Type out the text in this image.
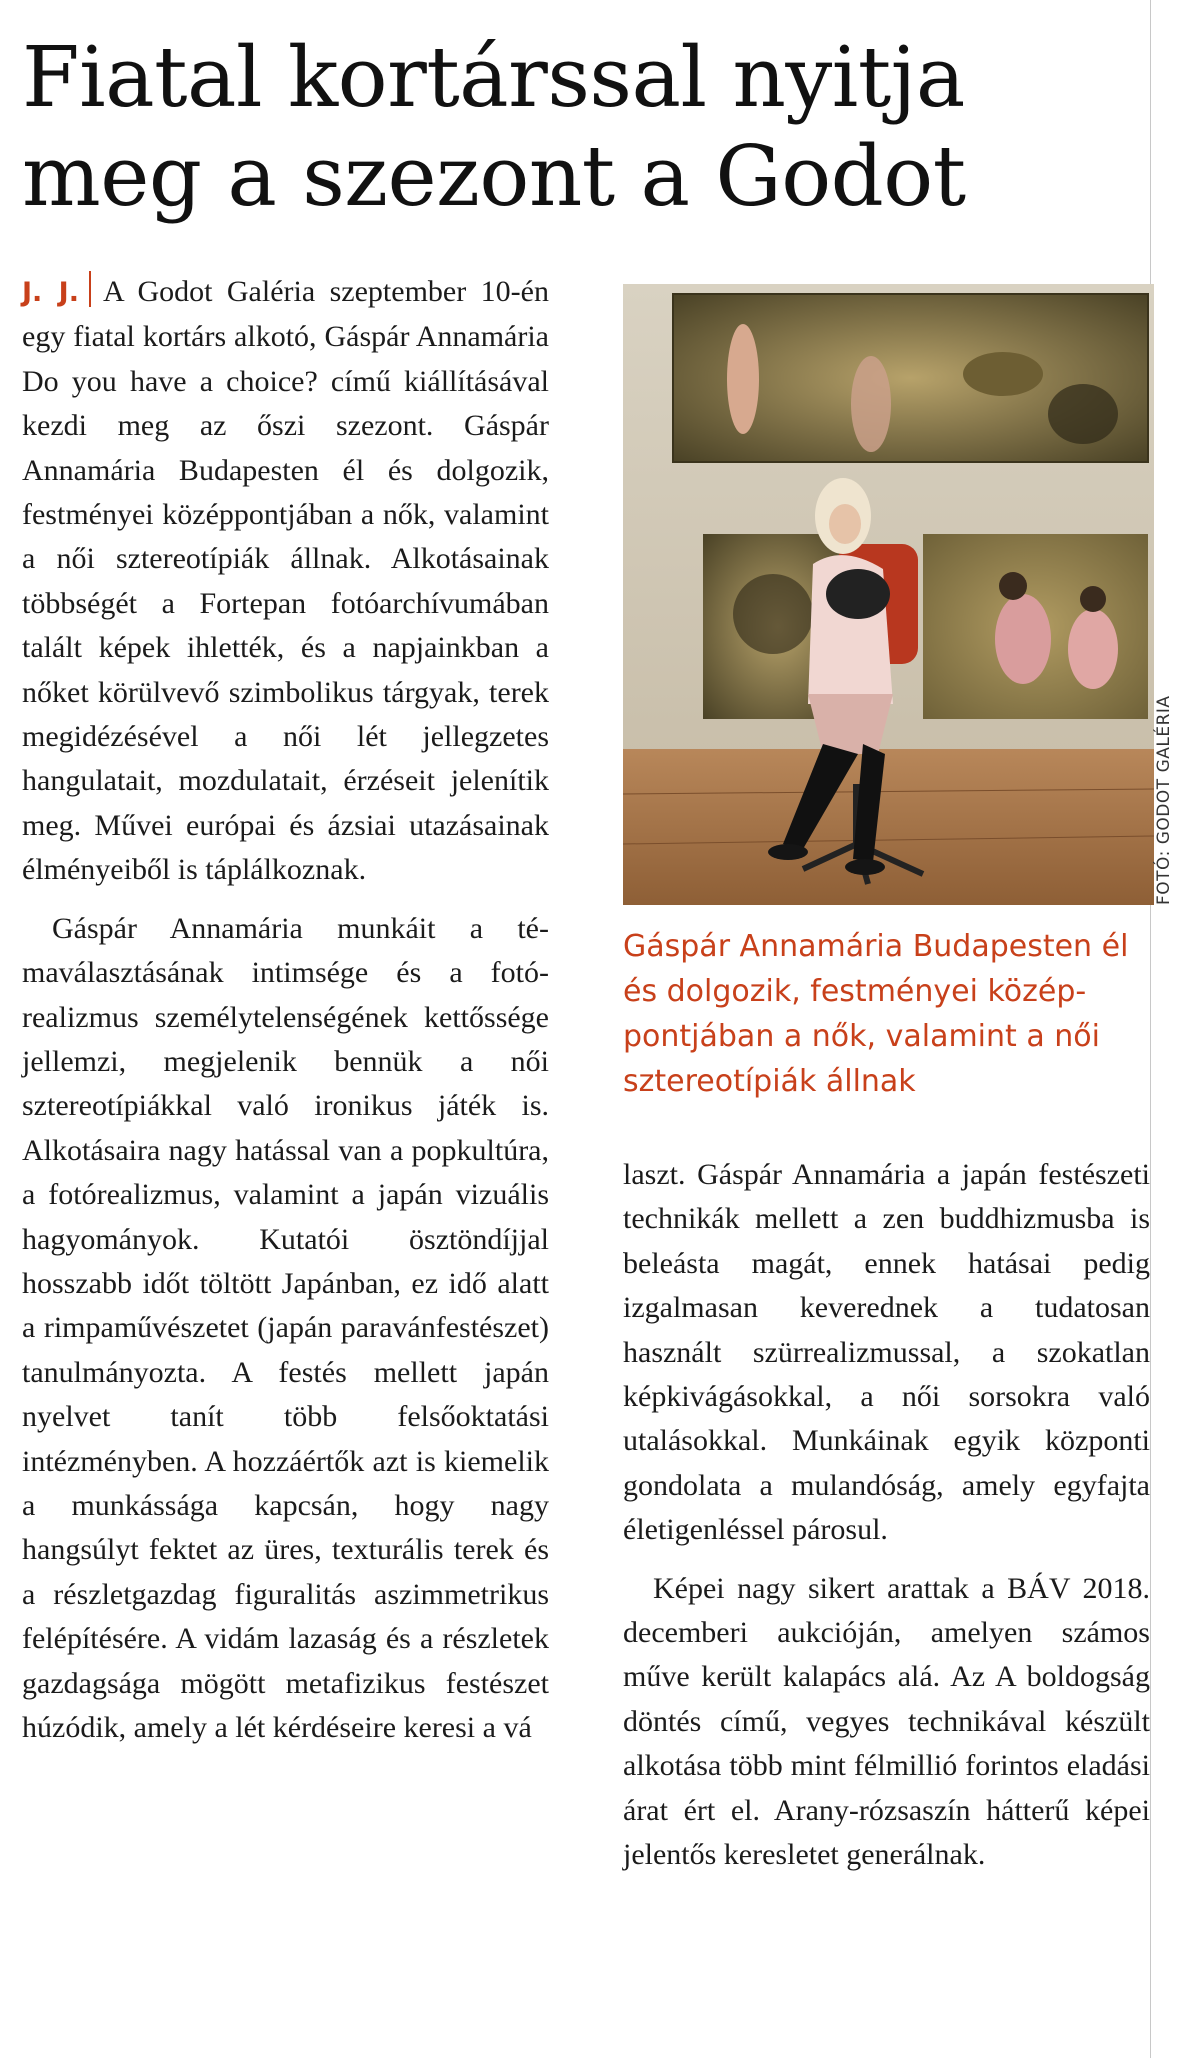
Fiatal kortárssal nyitja meg a szezont a Godot

J. J. A Godot Galéria szeptember 10-én egy fiatal kortárs alkotó, Gáspár Annamária Do you have a choice? című kiállításával kezdi meg az őszi szezont. Gáspár Annamária Budapesten él és dolgozik, festményei középpontjában a nők, valamint a női sztereotípiák állnak. Alkotásainak többségét a Fortepan fotóarchívumában talált képek ihlették, és a napjainkban a nőket körülvevő szimbolikus tárgyak, terek megidézésével a női lét jellegzetes hangulatait, mozdulatait, érzéseit jelenítik meg. Művei európai és ázsiai utazásainak élményeiből is táplálkoznak.

Gáspár Annamária munkáit a témaválasztásának intimsége és a fotórealizmus személytelenségének kettőssége jellemzi, megjelenik bennük a női sztereotípiákkal való ironikus játék is. Alkotásaira nagy hatással van a popkultúra, a fotórealizmus, valamint a japán vizuális hagyományok. Kutatói ösztöndíjjal hosszabb időt töltött Japánban, ez idő alatt a rimpaművészetet (japán paravánfestészet) tanulmányozta. A festés mellett japán nyelvet tanít több felsőoktatási intézményben. A hozzáértők azt is kiemelik a munkássága kapcsán, hogy nagy hangsúlyt fektet az üres, texturális terek és a részletgazdag figuralitás aszimmetrikus felépítésére. A vidám lazaság és a részletek gazdagsága mögött metafizikus festészet húzódik, amely a lét kérdéseire keresi a vá

FOTÓ: GODOT GALÉRIA
Gáspár Annamária Budapesten él és dolgozik, festményei középpontjában a nők, valamint a női sztereotípiák állnak

laszt. Gáspár Annamária a japán festészeti technikák mellett a zen buddhizmusba is beleásta magát, ennek hatásai pedig izgalmasan keverednek a tudatosan használt szürrealizmussal, a szokatlan képkivágásokkal, a női sorsokra való utalásokkal. Munkáinak egyik központi gondolata a mulandóság, amely egyfajta életigenléssel párosul.

Képei nagy sikert arattak a BÁV 2018. decemberi aukcióján, amelyen számos műve került kalapács alá. Az A boldogság döntés című, vegyes technikával készült alkotása több mint félmillió forintos eladási árat ért el. Arany-rózsaszín hátterű képei jelentős keresletet generálnak.
